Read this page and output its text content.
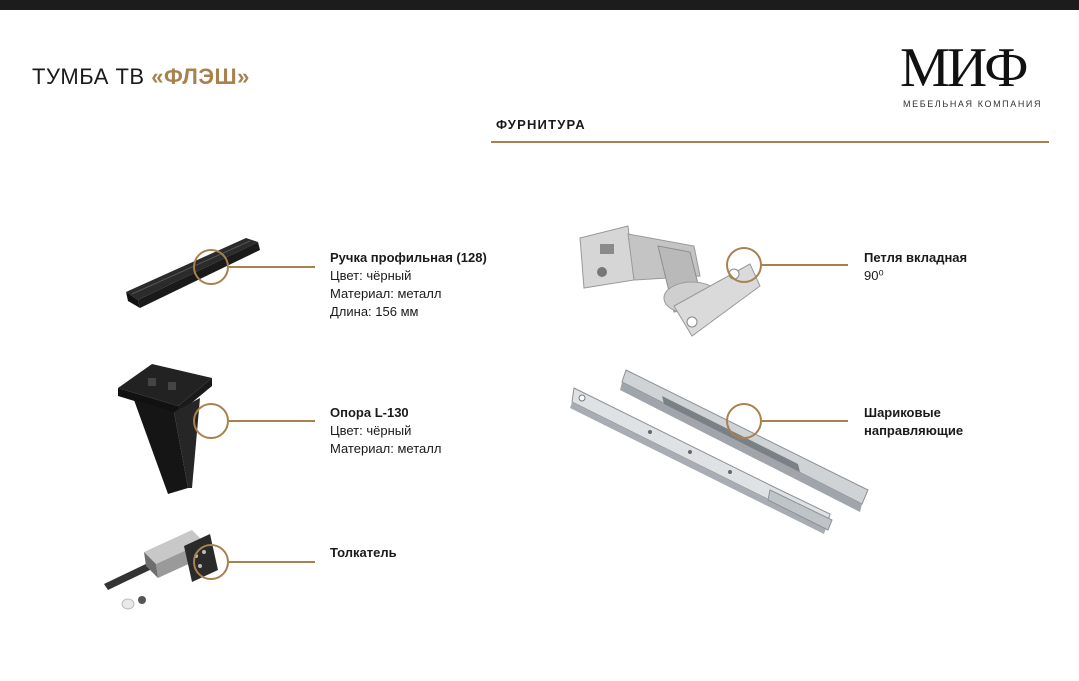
ТУМБА ТВ «ФЛЭШ»	МИФ
МЕБЕЛЬНАЯ КОМПАНИЯ
ФУРНИТУРА
Ручка профильная (128)
Цвет: чёрный
Материал: металл
Длина: 156 мм
Опора L-130
Цвет: чёрный
Материал: металл
Толкатель
Петля вкладная
90⁰
Шариковые направляющие
